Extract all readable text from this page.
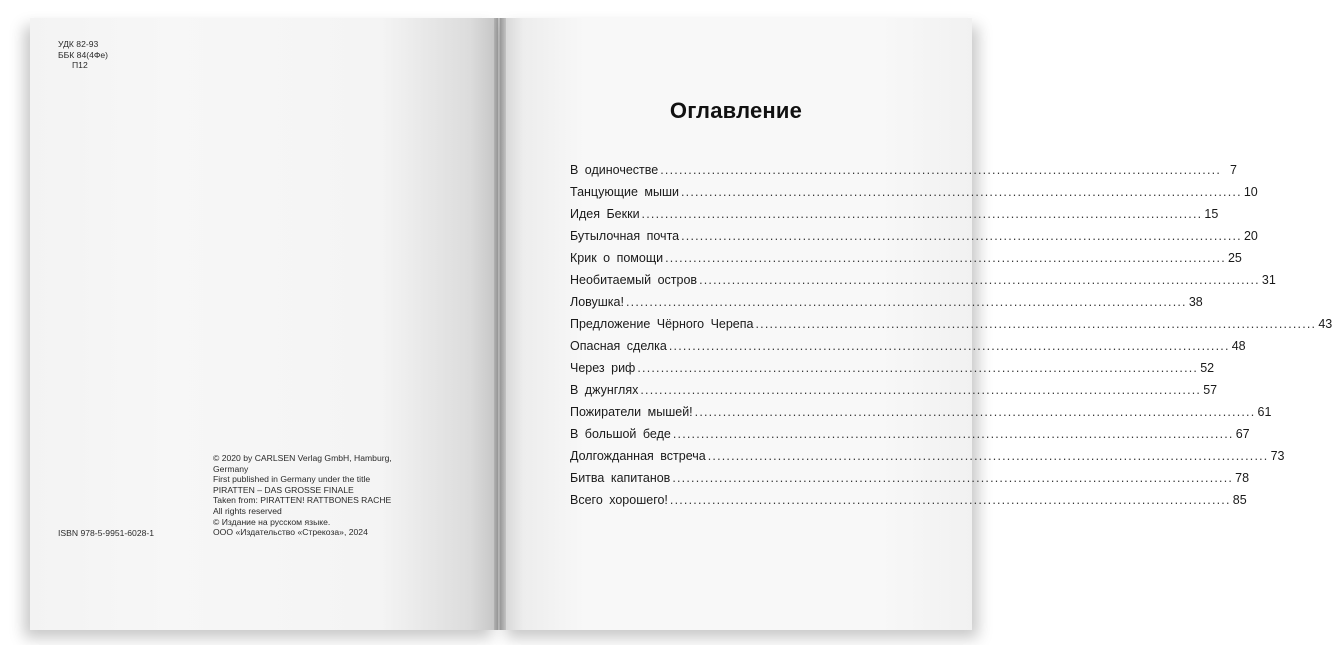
В одиночестве ........................................................................................................................ 7
Танцующие мыши ........................................................................................................................ 10
Идея Бекки ........................................................................................................................ 15
Бутылочная почта ........................................................................................................................ 20
Крик о помощи ........................................................................................................................ 25
Необитаемый остров ........................................................................................................................ 31
Ловушка! ........................................................................................................................ 38
Предложение Чёрного Черепа ........................................................................................................................ 43
Опасная сделка ........................................................................................................................ 48
Через риф ........................................................................................................................ 52
В джунглях ........................................................................................................................ 57
Пожиратели мышей! ........................................................................................................................ 61
В большой беде ........................................................................................................................ 67
Долгожданная встреча ........................................................................................................................ 73
Битва капитанов ........................................................................................................................ 78
Всего хорошего! ........................................................................................................................ 85
УДК 82-93
ББК 84(4Фе)
П12
ISBN 978-5-9951-6028-1
© 2020 by CARLSEN Verlag GmbH, Hamburg,
Germany
First published in Germany under the title
PIRATTEN – DAS GROSSE FINALE
Taken from: PIRATTEN! RATTBONES RACHE
All rights reserved
© Издание на русском языке.
ООО «Издательство «Стрекоза», 2024
Оглавление
